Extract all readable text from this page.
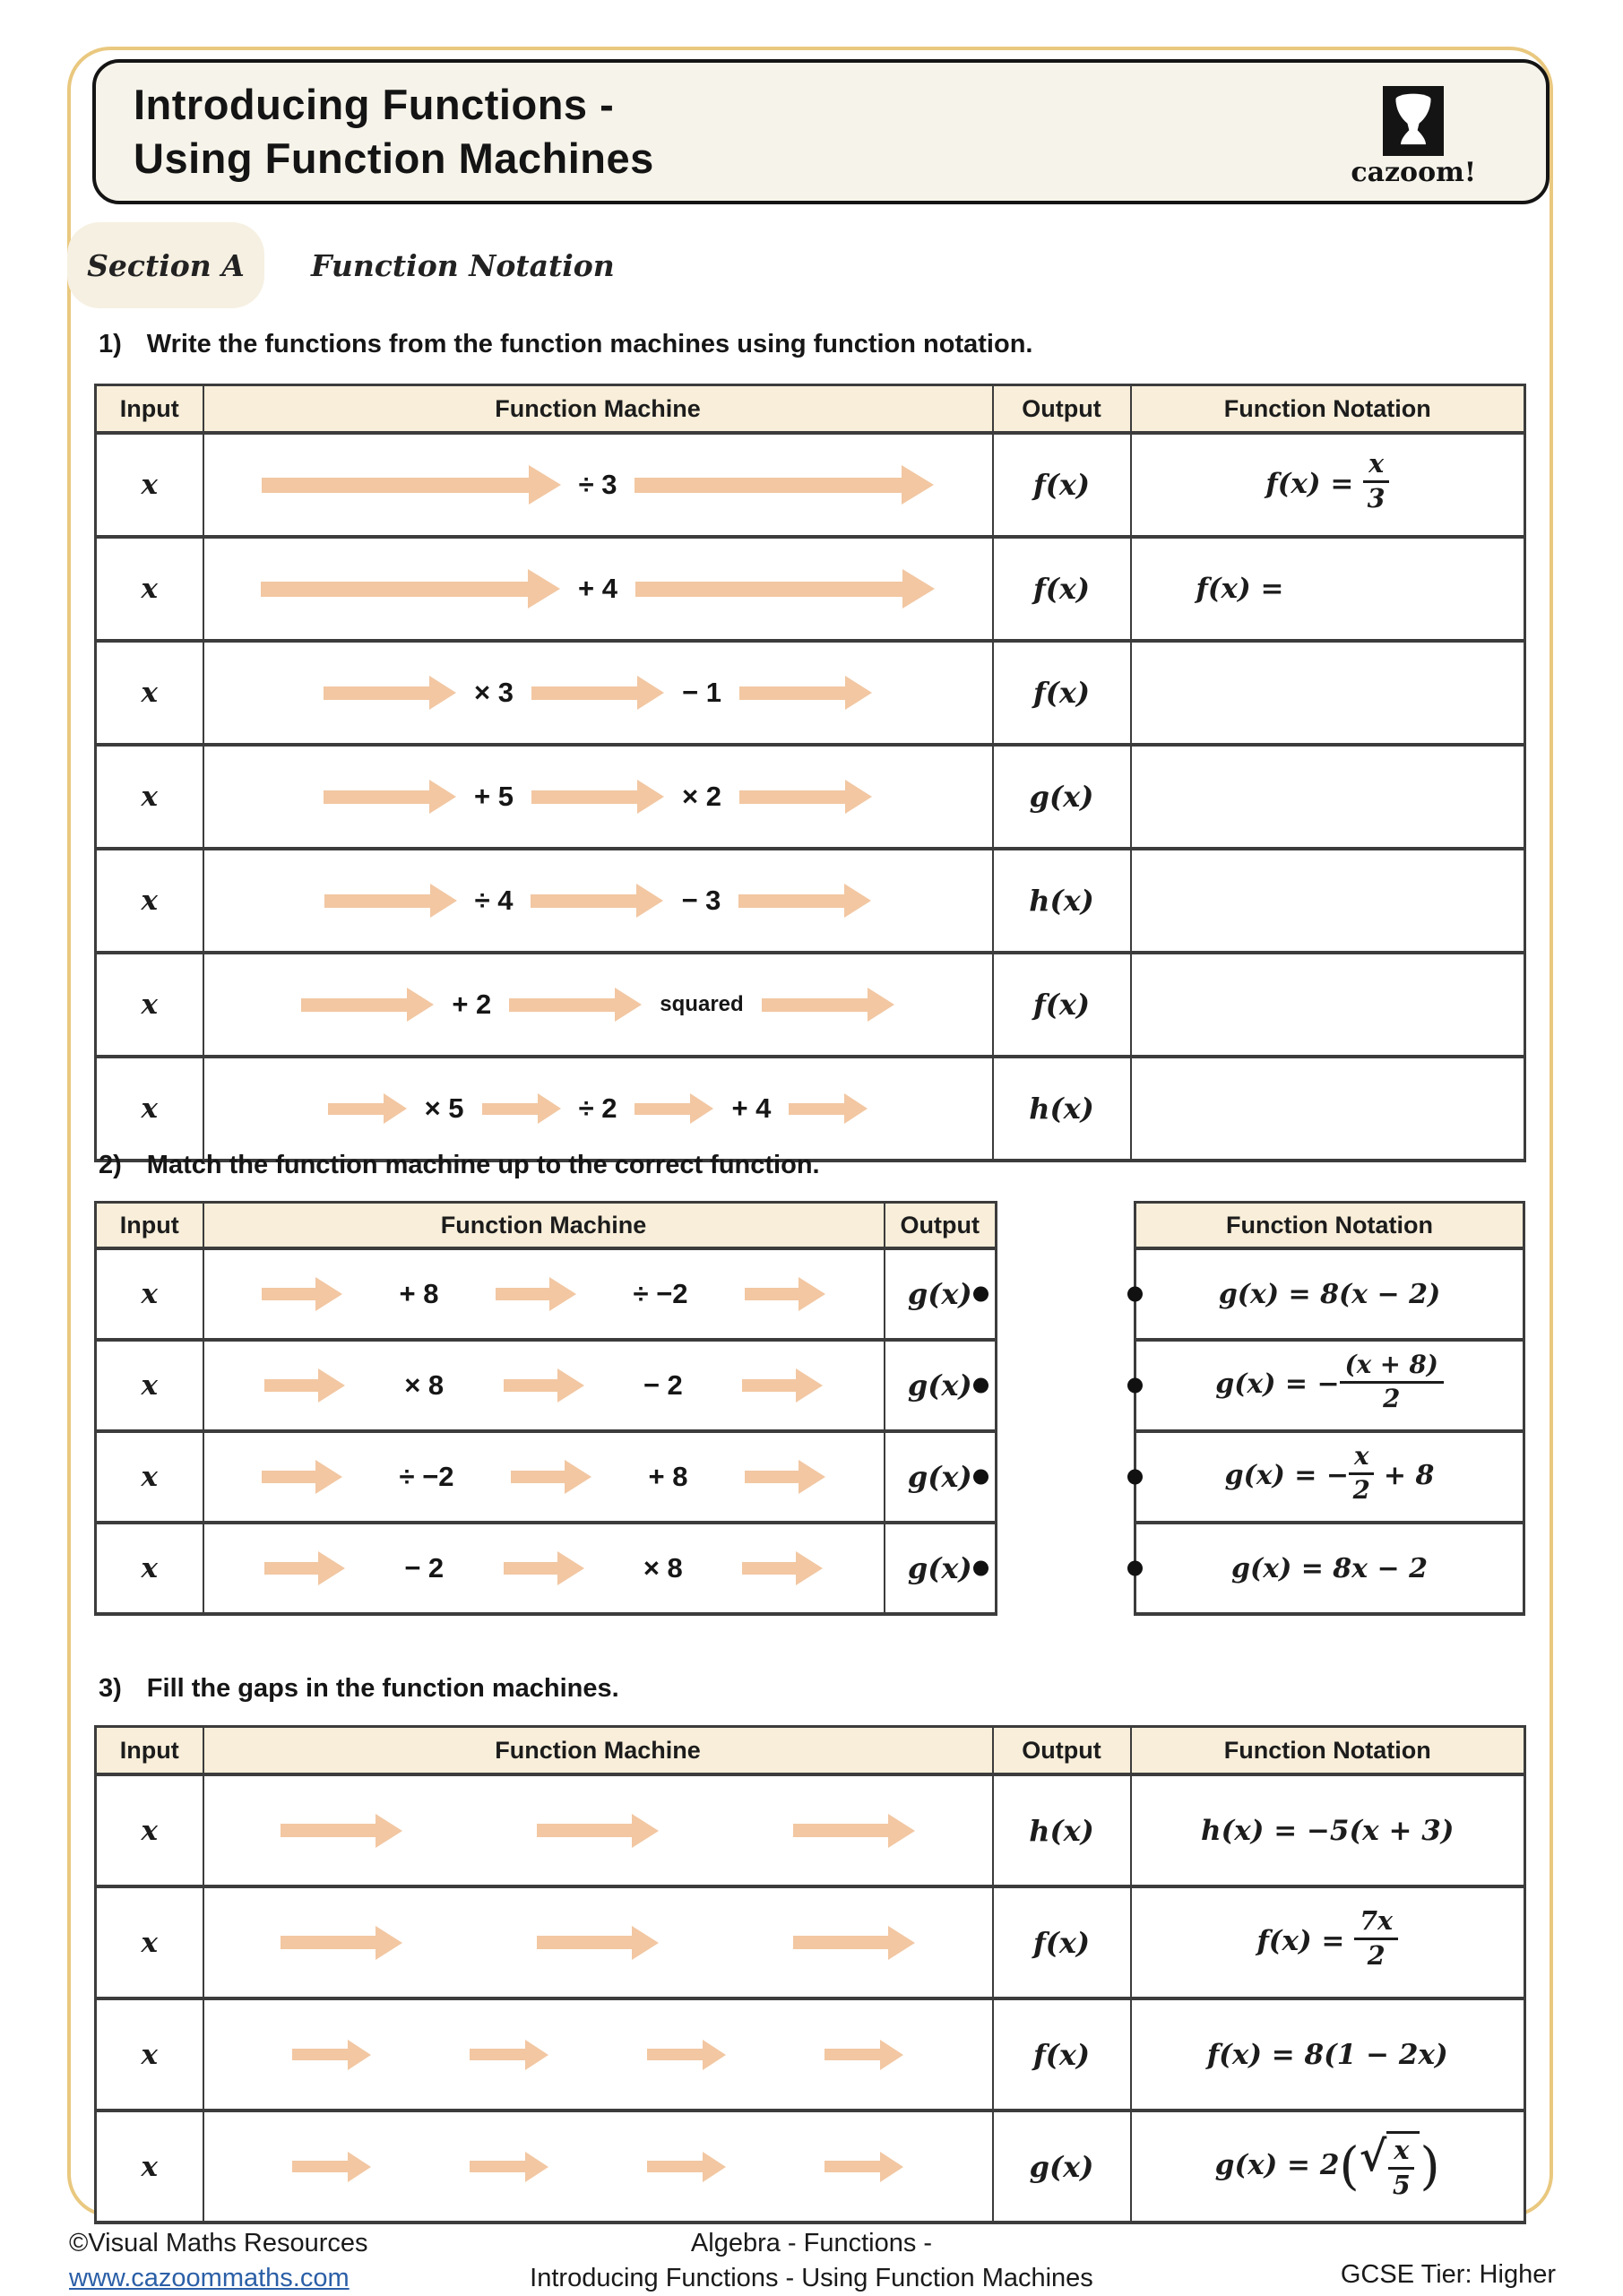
Introducing Functions -
Using Function Machines	cazoom!
Section A Function Notation
1) Write the functions from the function machines using function notation.
Input	Function Machine	Output	Function Notation
x	÷ 3	f(x)	$f(x) = \frac{x}{3}$

x	+ 4	f(x)	f(x) =
x	× 3 − 1	f(x)	
x	+ 5 × 2	g(x)	
x	÷ 4 − 3	h(x)	
x	+ 2 squared	f(x)	
x	× 5 ÷ 2 + 4	h(x)	
2) Match the function machine up to the correct function.
Input	Function Machine	Output
x	+ 8 ÷ −2	g(x)

x	× 8 − 2	g(x)

x	÷ −2 + 8	g(x)

x	− 2 × 8	g(x)
Function Notation

g(x) = 8(x − 2)

g(x) = − $\frac{(x + 8)}{2}$

g(x) = − $\frac{x}{2} + 8$

g(x) = 8x − 2
3) Fill the gaps in the function machines.
Input	Function Machine	Output	Function Notation
x		h(x)	h(x) = −5(x + 3)
x		f(x)	$f(x) = \frac{7x}{2}$

x		f(x)	f(x) = 8(1 − 2x)
x		g(x)	g(x) = 2( √ $\frac{x}{5}$ )
©Visual Maths Resources
www.cazoommaths.com
Algebra - Functions -
Introducing Functions - Using Function Machines	GCSE Tier: Higher
